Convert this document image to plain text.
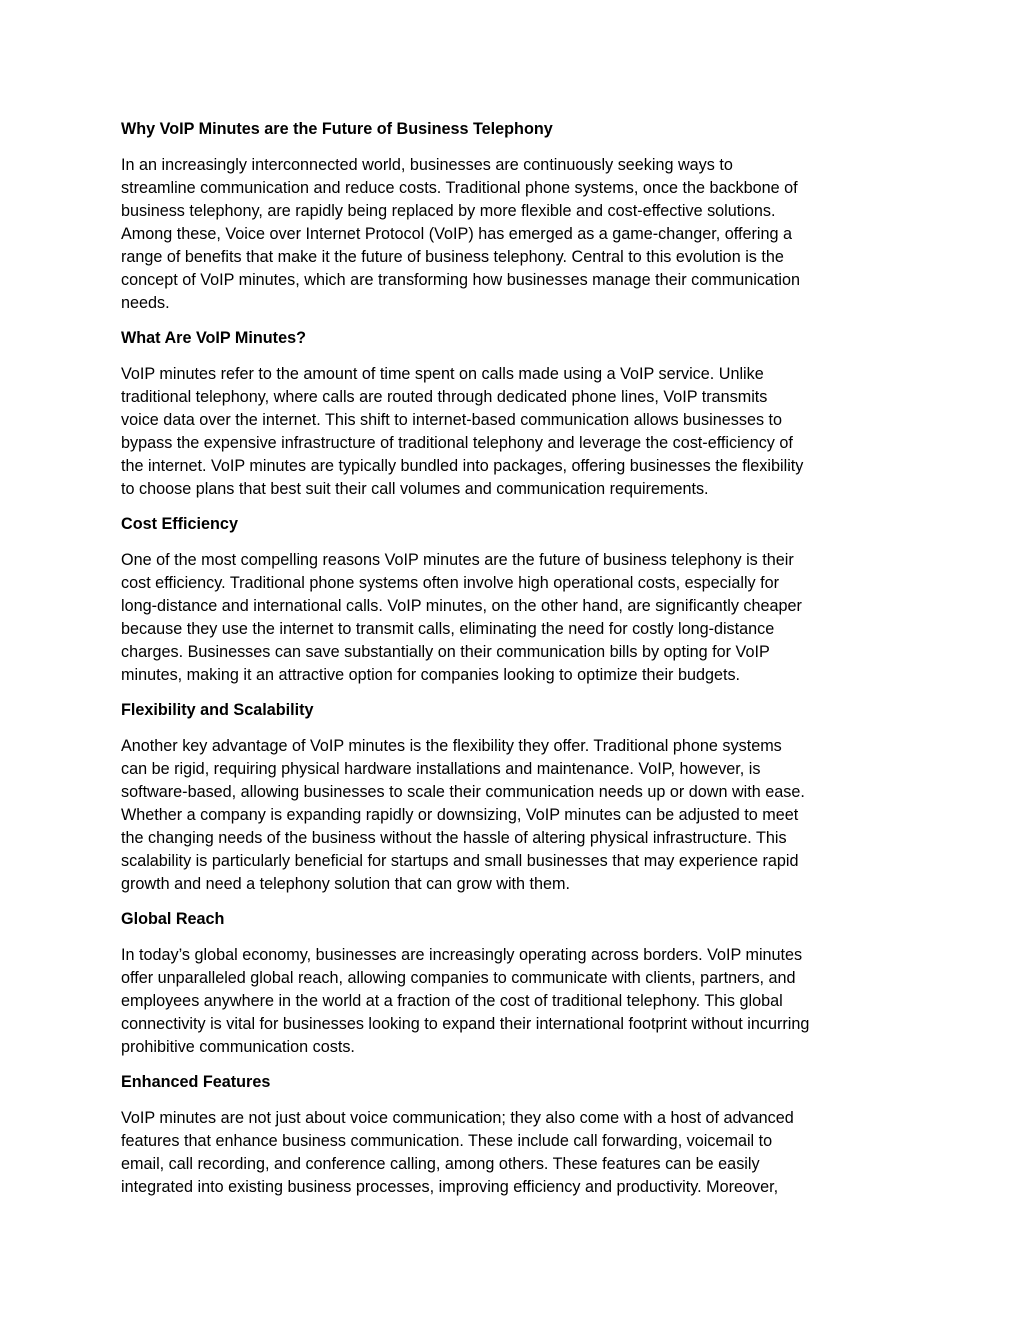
Why VoIP Minutes are the Future of Business Telephony

In an increasingly interconnected world, businesses are continuously seeking ways to
streamline communication and reduce costs. Traditional phone systems, once the backbone of
business telephony, are rapidly being replaced by more flexible and cost-effective solutions.
Among these, Voice over Internet Protocol (VoIP) has emerged as a game-changer, offering a
range of benefits that make it the future of business telephony. Central to this evolution is the
concept of VoIP minutes, which are transforming how businesses manage their communication
needs.

What Are VoIP Minutes?

VoIP minutes refer to the amount of time spent on calls made using a VoIP service. Unlike
traditional telephony, where calls are routed through dedicated phone lines, VoIP transmits
voice data over the internet. This shift to internet-based communication allows businesses to
bypass the expensive infrastructure of traditional telephony and leverage the cost-efficiency of
the internet. VoIP minutes are typically bundled into packages, offering businesses the flexibility
to choose plans that best suit their call volumes and communication requirements.

Cost Efficiency

One of the most compelling reasons VoIP minutes are the future of business telephony is their
cost efficiency. Traditional phone systems often involve high operational costs, especially for
long-distance and international calls. VoIP minutes, on the other hand, are significantly cheaper
because they use the internet to transmit calls, eliminating the need for costly long-distance
charges. Businesses can save substantially on their communication bills by opting for VoIP
minutes, making it an attractive option for companies looking to optimize their budgets.

Flexibility and Scalability

Another key advantage of VoIP minutes is the flexibility they offer. Traditional phone systems
can be rigid, requiring physical hardware installations and maintenance. VoIP, however, is
software-based, allowing businesses to scale their communication needs up or down with ease.
Whether a company is expanding rapidly or downsizing, VoIP minutes can be adjusted to meet
the changing needs of the business without the hassle of altering physical infrastructure. This
scalability is particularly beneficial for startups and small businesses that may experience rapid
growth and need a telephony solution that can grow with them.

Global Reach

In today’s global economy, businesses are increasingly operating across borders. VoIP minutes
offer unparalleled global reach, allowing companies to communicate with clients, partners, and
employees anywhere in the world at a fraction of the cost of traditional telephony. This global
connectivity is vital for businesses looking to expand their international footprint without incurring
prohibitive communication costs.

Enhanced Features

VoIP minutes are not just about voice communication; they also come with a host of advanced
features that enhance business communication. These include call forwarding, voicemail to
email, call recording, and conference calling, among others. These features can be easily
integrated into existing business processes, improving efficiency and productivity. Moreover,
